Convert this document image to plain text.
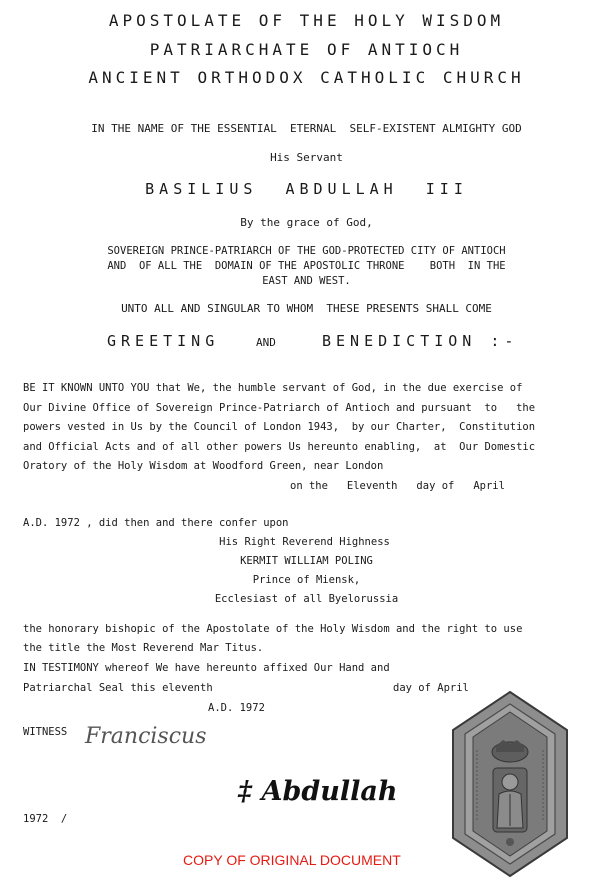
APOSTOLATE OF THE HOLY WISDOM
PATRIARCHATE OF ANTIOCH
ANCIENT ORTHODOX CATHOLIC CHURCH
IN THE NAME OF THE ESSENTIAL  ETERNAL  SELF-EXISTENT ALMIGHTY GOD
His Servant
BASILIUS  ABDULLAH  III
By the grace of God,
SOVEREIGN PRINCE-PATRIARCH OF THE GOD-PROTECTED CITY OF ANTIOCH
AND  OF ALL THE  DOMAIN OF THE APOSTOLIC THRONE    BOTH  IN THE
EAST AND WEST.
UNTO ALL AND SINGULAR TO WHOM  THESE PRESENTS SHALL COME
GREETING	AND	BENEDICTION :-
BE IT KNOWN UNTO YOU that We, the humble servant of God, in the due exercise of
Our Divine Office of Sovereign Prince-Patriarch of Antioch and pursuant  to   the
powers vested in Us by the Council of London 1943,  by our Charter,  Constitution
and Official Acts and of all other powers Us hereunto enabling,  at  Our Domestic
Oratory of the Holy Wisdom at Woodford Green, near London
on the   Eleventh   day of   April
A.D. 1972 , did then and there confer upon
His Right Reverend Highness
KERMIT WILLIAM POLING
Prince of Miensk,
Ecclesiast of all Byelorussia
the honorary bishopic of the Apostolate of the Holy Wisdom and the right to use
the title the Most Reverend Mar Titus.
IN TESTIMONY whereof We have hereunto affixed Our Hand and
Patriarchal Seal this eleventh	day of April
A.D. 1972
WITNESS Franciscus
‡ Abdullah
1972  /
COPY OF ORIGINAL DOCUMENT
